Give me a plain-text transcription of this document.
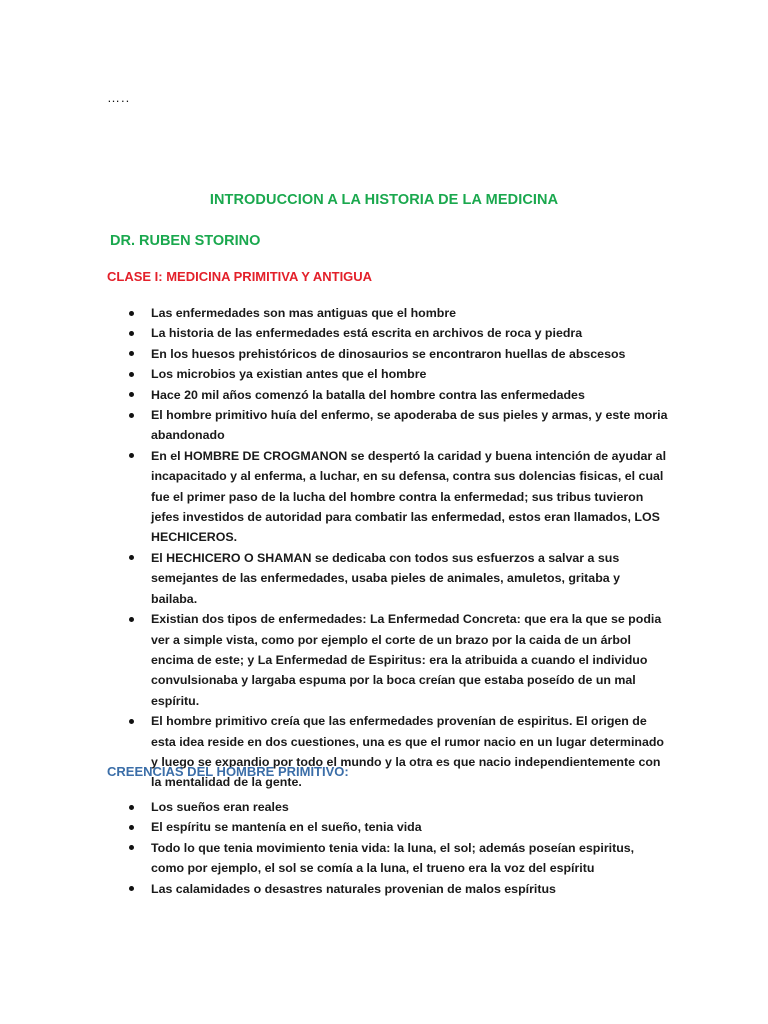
…..
INTRODUCCION A LA HISTORIA DE LA MEDICINA
DR. RUBEN STORINO
CLASE I: MEDICINA PRIMITIVA Y ANTIGUA
Las enfermedades son mas antiguas que el hombre
La historia de las enfermedades está escrita en archivos de roca y piedra
En los huesos prehistóricos de dinosaurios se encontraron huellas de abscesos
Los microbios ya existian antes que el hombre
Hace 20 mil años comenzó la batalla del hombre contra las enfermedades
El hombre primitivo huía del enfermo, se apoderaba de sus pieles y armas, y este moria abandonado
En el HOMBRE DE CROGMANON se despertó la caridad y buena intención de ayudar al incapacitado y al enferma, a luchar, en su defensa, contra sus dolencias fisicas, el cual fue el primer paso de la lucha del hombre contra la enfermedad; sus tribus tuvieron jefes investidos de autoridad para combatir las enfermedad, estos eran llamados, LOS HECHICEROS.
El HECHICERO O SHAMAN se dedicaba con todos sus esfuerzos a salvar a sus semejantes de las enfermedades, usaba pieles de animales, amuletos, gritaba y bailaba.
Existian dos tipos de enfermedades: La Enfermedad Concreta: que era la que se podia ver a simple vista, como por ejemplo el corte de un brazo por la caida de un árbol encima de este; y La Enfermedad de Espiritus: era la atribuida a cuando el individuo convulsionaba y largaba espuma por la boca creían que estaba poseído de un mal espíritu.
El hombre primitivo creía que las enfermedades provenían de espiritus. El origen de esta idea reside en dos cuestiones, una es que el rumor nacio en un lugar determinado y luego se expandio por todo el mundo y la otra es que nacio independientemente con la mentalidad de la gente.
CREENCIAS DEL HOMBRE PRIMITIVO:
Los sueños eran reales
El espíritu se mantenía en el sueño, tenia vida
Todo lo que tenia movimiento tenia vida: la luna, el sol; además poseían espiritus, como por ejemplo, el sol se comía a la luna, el trueno era la voz del espíritu
Las calamidades o desastres naturales provenian de malos espíritus
